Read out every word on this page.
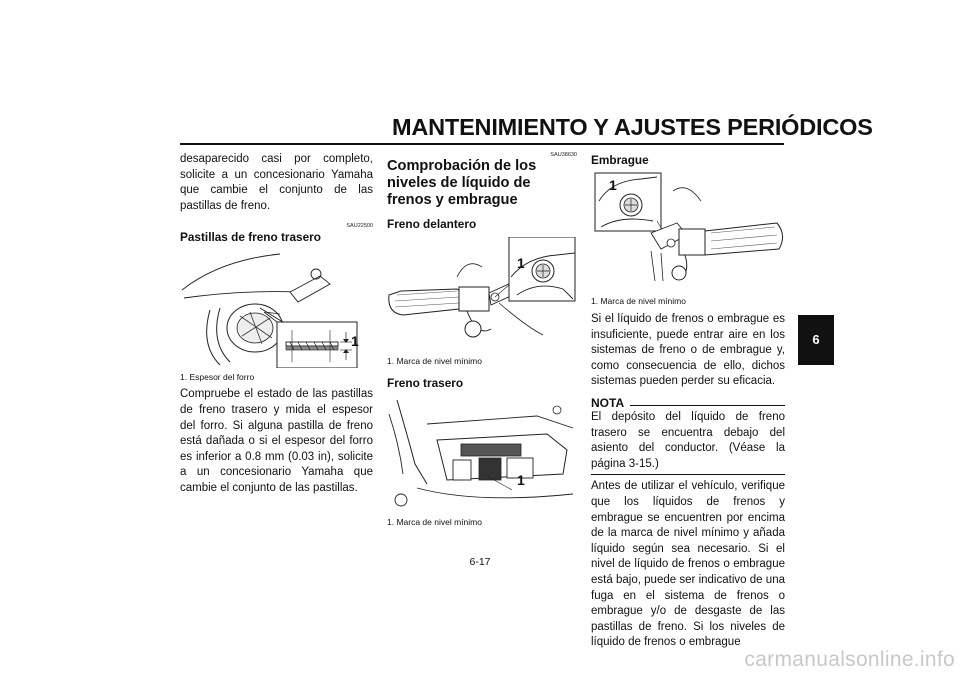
MANTENIMIENTO Y AJUSTES PERIÓDICOS
6

desaparecido casi por completo, solicite a un concesionario Yamaha que cambie el conjunto de las pastillas de freno.

SAU22500

Pastillas de freno trasero
1

1. Espesor del forro

Compruebe el estado de las pastillas de freno trasero y mida el espesor del forro. Si alguna pastilla de freno está dañada o si el espesor del forro es inferior a 0.8 mm (0.03 in), solicite a un concesionario Yamaha que cambie el conjunto de las pastillas.

SAU38630

Comprobación de los niveles de líquido de frenos y embrague
Freno delantero
1

1. Marca de nivel mínimo

Freno trasero
1

1. Marca de nivel mínimo

Embrague
1

1. Marca de nivel mínimo

Si el líquido de frenos o embrague es insuficiente, puede entrar aire en los sistemas de freno o de embrague y, como consecuencia de ello, dichos sistemas pueden perder su eficacia.

NOTA

El depósito del líquido de freno trasero se encuentra debajo del asiento del conductor. (Véase la página 3-15.)

Antes de utilizar el vehículo, verifique que los líquidos de frenos y embrague se encuentren por encima de la marca de nivel mínimo y añada líquido según sea necesario. Si el nivel de líquido de frenos o embrague está bajo, puede ser indicativo de una fuga en el sistema de frenos o embrague y/o de desgaste de las pastillas de freno. Si los niveles de líquido de frenos o embrague

6-17
carmanualsonline.info
